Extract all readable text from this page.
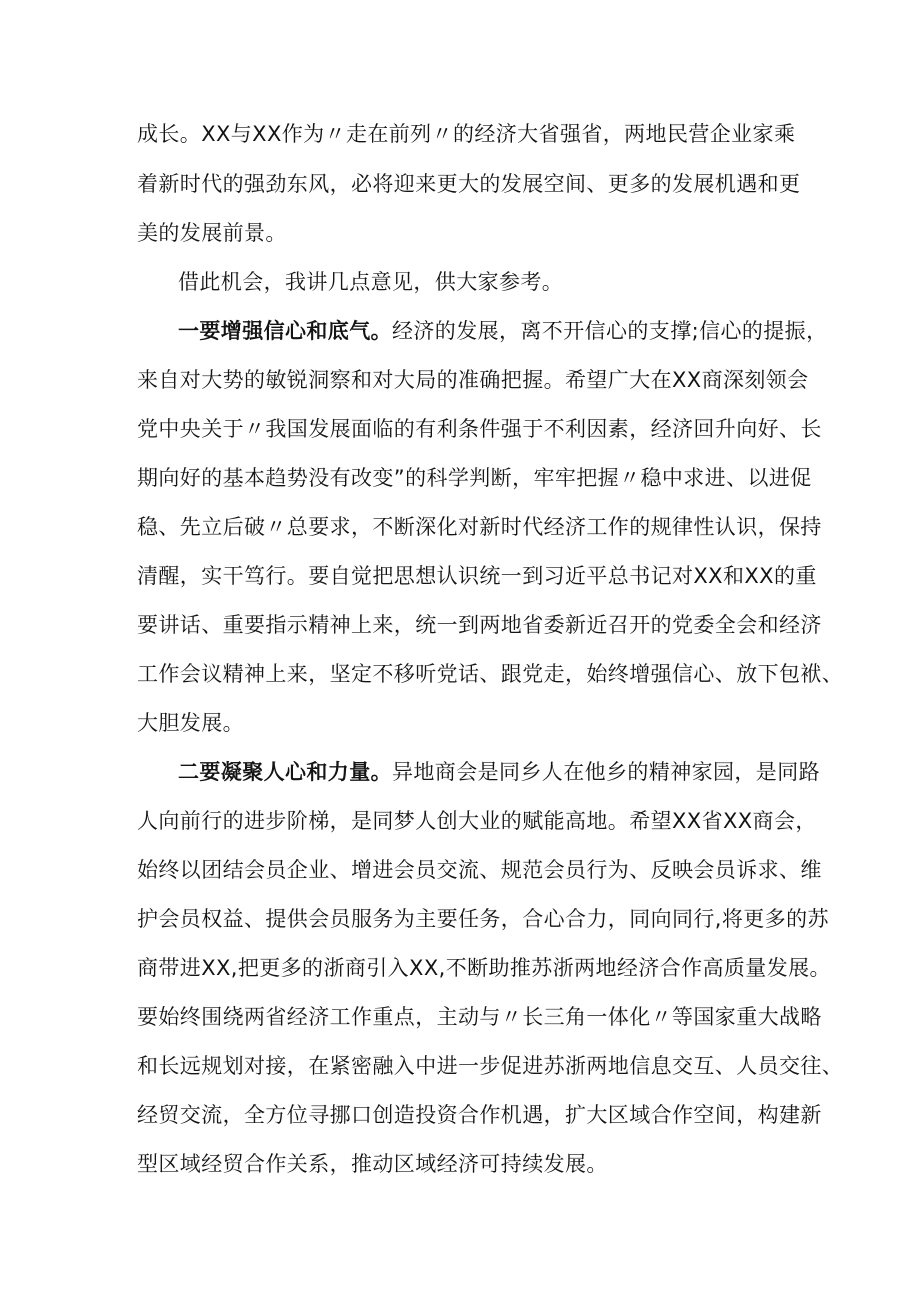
成长。XX与XX作为〃走在前列〃的经济大省强省，两地民营企业家乘
着新时代的强劲东风，必将迎来更大的发展空间、更多的发展机遇和更
美的发展前景。
借此机会，我讲几点意见，供大家参考。
一要增强信心和底气。经济的发展，离不开信心的支撑;信心的提振，
来自对大势的敏锐洞察和对大局的准确把握。希望广大在XX商深刻领会
党中央关于〃我国发展面临的有利条件强于不利因素，经济回升向好、长
期向好的基本趋势没有改变”的科学判断，牢牢把握〃稳中求进、以进促
稳、先立后破〃总要求，不断深化对新时代经济工作的规律性认识，保持
清醒，实干笃行。要自觉把思想认识统一到习近平总书记对XX和XX的重
要讲话、重要指示精神上来，统一到两地省委新近召开的党委全会和经济
工作会议精神上来，坚定不移听党话、跟党走，始终增强信心、放下包袱、
大胆发展。
二要凝聚人心和力量。异地商会是同乡人在他乡的精神家园，是同路
人向前行的进步阶梯，是同梦人创大业的赋能高地。希望XX省XX商会，
始终以团结会员企业、增进会员交流、规范会员行为、反映会员诉求、维
护会员权益、提供会员服务为主要任务，合心合力，同向同行,将更多的苏
商带进XX,把更多的浙商引入XX,不断助推苏浙两地经济合作高质量发展。
要始终围绕两省经济工作重点，主动与〃长三角一体化〃等国家重大战略
和长远规划对接，在紧密融入中进一步促进苏浙两地信息交互、人员交往、
经贸交流，全方位寻挪口创造投资合作机遇，扩大区域合作空间，构建新
型区域经贸合作关系，推动区域经济可持续发展。
